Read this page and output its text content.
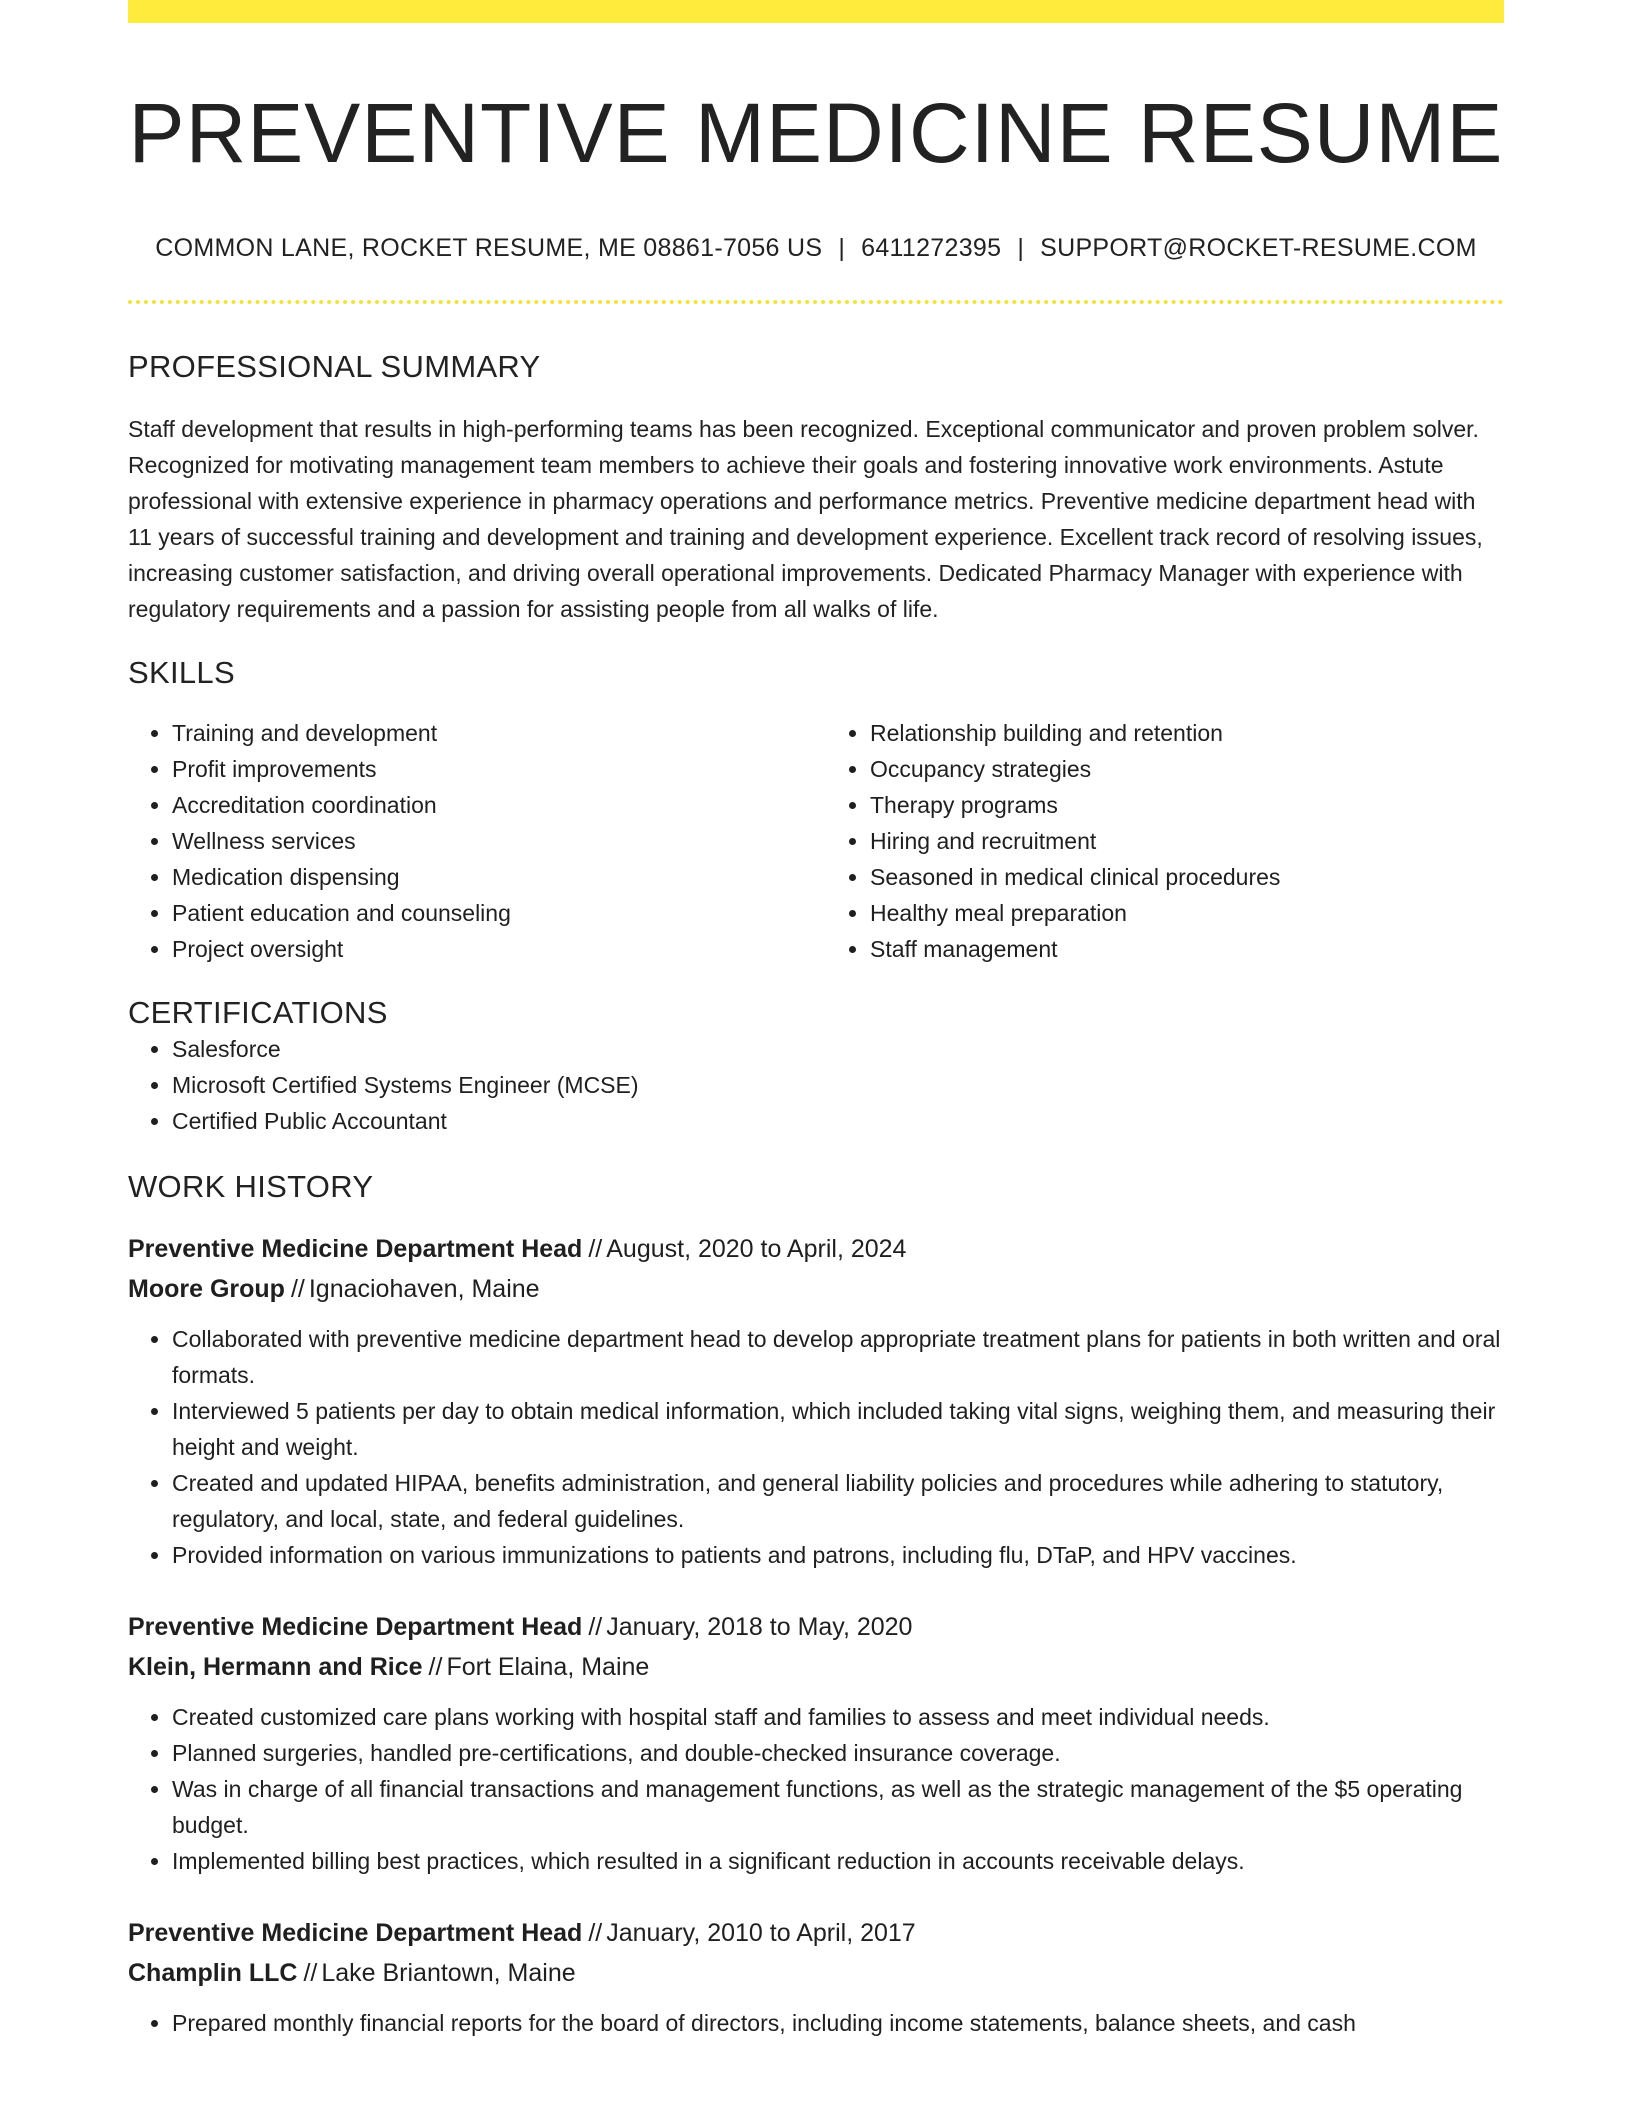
PREVENTIVE MEDICINE RESUME
COMMON LANE, ROCKET RESUME, ME 08861-7056 US | 6411272395 | SUPPORT@ROCKET-RESUME.COM
PROFESSIONAL SUMMARY

Staff development that results in high-performing teams has been recognized. Exceptional communicator and proven problem solver. Recognized for motivating management team members to achieve their goals and fostering innovative work environments. Astute professional with extensive experience in pharmacy operations and performance metrics. Preventive medicine department head with 11 years of successful training and development and training and development experience. Excellent track record of resolving issues, increasing customer satisfaction, and driving overall operational improvements. Dedicated Pharmacy Manager with experience with regulatory requirements and a passion for assisting people from all walks of life.

SKILLS
• Training and development
• Profit improvements
• Accreditation coordination
• Wellness services
• Medication dispensing
• Patient education and counseling
• Project oversight
• Relationship building and retention
• Occupancy strategies
• Therapy programs
• Hiring and recruitment
• Seasoned in medical clinical procedures
• Healthy meal preparation
• Staff management
CERTIFICATIONS
• Salesforce
• Microsoft Certified Systems Engineer (MCSE)
• Certified Public Accountant
WORK HISTORY
Preventive Medicine Department Head // August, 2020 to April, 2024
Moore Group // Ignaciohaven, Maine
• Collaborated with preventive medicine department head to develop appropriate treatment plans for patients in both written and oral formats.
• Interviewed 5 patients per day to obtain medical information, which included taking vital signs, weighing them, and measuring their height and weight.
• Created and updated HIPAA, benefits administration, and general liability policies and procedures while adhering to statutory, regulatory, and local, state, and federal guidelines.
• Provided information on various immunizations to patients and patrons, including flu, DTaP, and HPV vaccines.
Preventive Medicine Department Head // January, 2018 to May, 2020
Klein, Hermann and Rice // Fort Elaina, Maine
• Created customized care plans working with hospital staff and families to assess and meet individual needs.
• Planned surgeries, handled pre-certifications, and double-checked insurance coverage.
• Was in charge of all financial transactions and management functions, as well as the strategic management of the $5 operating budget.
• Implemented billing best practices, which resulted in a significant reduction in accounts receivable delays.
Preventive Medicine Department Head // January, 2010 to April, 2017
Champlin LLC // Lake Briantown, Maine
• Prepared monthly financial reports for the board of directors, including income statements, balance sheets, and cash
